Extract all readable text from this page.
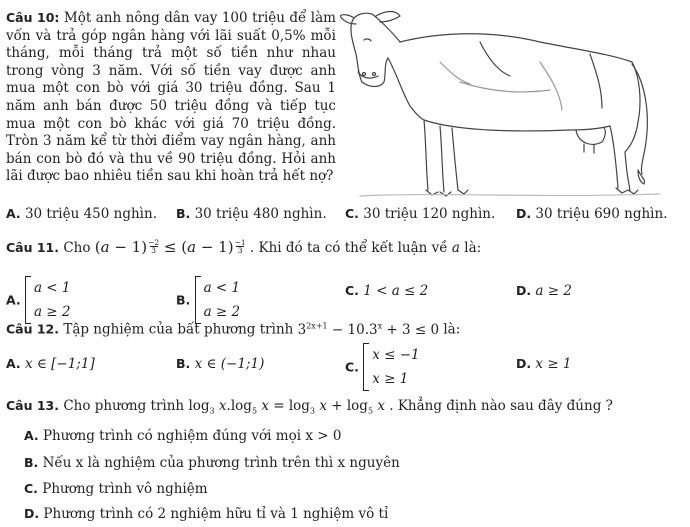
Câu 10: Một anh nông dân vay 100 triệu để làm vốn và trả góp ngân hàng với lãi suất 0,5% mỗi tháng, mỗi tháng trả một số tiền như nhau trong vòng 3 năm. Với số tiền vay được anh mua một con bò với giá 30 triệu đồng. Sau 1 năm anh bán được 50 triệu đồng và tiếp tục mua một con bò khác với giá 70 triệu đồng. Tròn 3 năm kể từ thời điểm vay ngân hàng, anh bán con bò đó và thu về 90 triệu đồng. Hỏi anh lãi được bao nhiêu tiền sau khi hoàn trả hết nợ?
A. 30 triệu 450 nghìn. B. 30 triệu 480 nghìn. C. 30 triệu 120 nghìn. D. 30 triệu 690 nghìn.
Câu 11. Cho $(a - 1) \frac{-2}{3} \le (a - 1) \frac{-1}{3}$ . Khi đó ta có thể kết luận về a là:
A.
a < 1
a ≥ 2
B.
a < 1
a ≥ 2
C. 1 < a ≤ 2	D. a ≥ 2
Câu 12. Tập nghiệm của bất phương trình $3^{2x+1} - 10.3^x + 3 \le 0$ là:
A. x ∈ [−1;1]	B. x ∈ (−1;1)	C.
x ≤ −1
x ≥ 1
D. x ≥ 1
Câu 13. Cho phương trình $\log_3 x.\log_5$ $x = \log_3 x + \log_5 x$ . Khẳng định nào sau đây đúng ?
A. Phương trình có nghiệm đúng với mọi x > 0
B. Nếu x là nghiệm của phương trình trên thì x nguyên
C. Phương trình vô nghiệm
D. Phương trình có 2 nghiệm hữu tỉ và 1 nghiệm vô tỉ
